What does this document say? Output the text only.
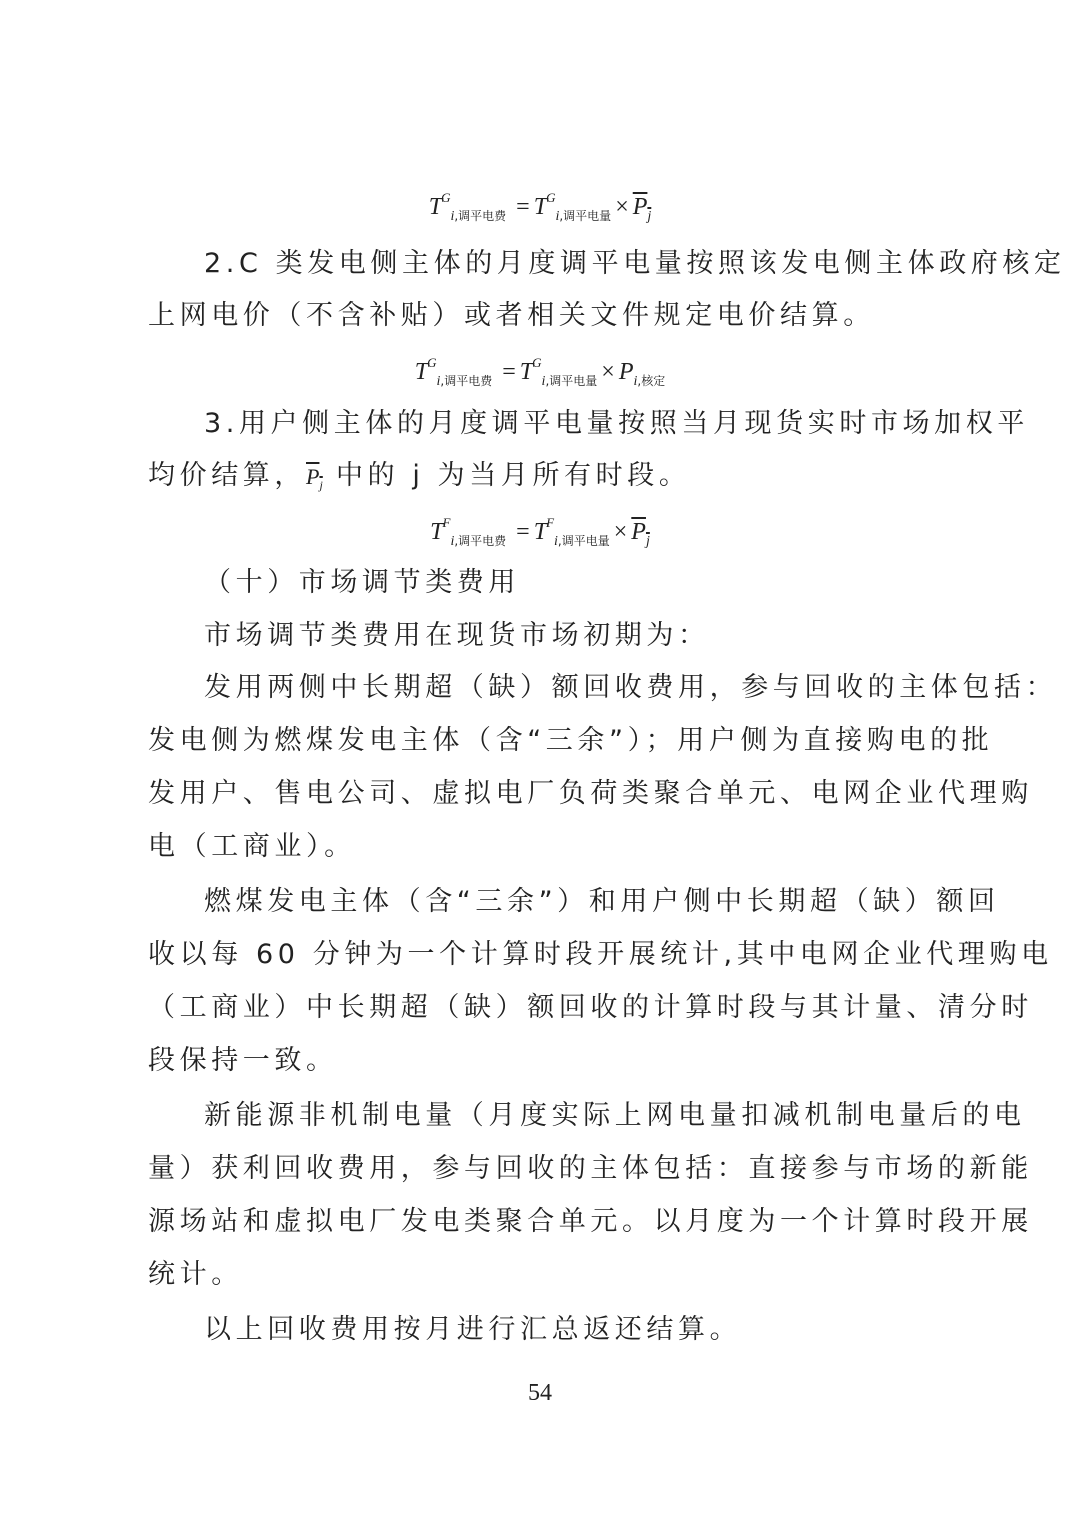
$T^G_{i,调平电费} = T^G_{i,调平电量} \times P_j$
2.C 类发电侧主体的月度调平电量按照该发电侧主体政府核定
上网电价（不含补贴）或者相关文件规定电价结算。
$T^G_{i,调平电费} = T^G_{i,调平电量} \times P_{i,核定}$
3.用户侧主体的月度调平电量按照当月现货实时市场加权平
均价结算，$P_j$ 中的 j 为当月所有时段。
$T^F_{i,调平电费} = T^F_{i,调平电量} \times P_j$
（十）市场调节类费用
市场调节类费用在现货市场初期为：
发用两侧中长期超（缺）额回收费用，参与回收的主体包括：
发电侧为燃煤发电主体（含“三余”）；用户侧为直接购电的批
发用户、售电公司、虚拟电厂负荷类聚合单元、电网企业代理购
电（工商业）。
燃煤发电主体（含“三余”）和用户侧中长期超（缺）额回
收以每 60 分钟为一个计算时段开展统计,其中电网企业代理购电
（工商业）中长期超（缺）额回收的计算时段与其计量、清分时
段保持一致。
新能源非机制电量（月度实际上网电量扣减机制电量后的电
量）获利回收费用，参与回收的主体包括：直接参与市场的新能
源场站和虚拟电厂发电类聚合单元。以月度为一个计算时段开展
统计。
以上回收费用按月进行汇总返还结算。
54
